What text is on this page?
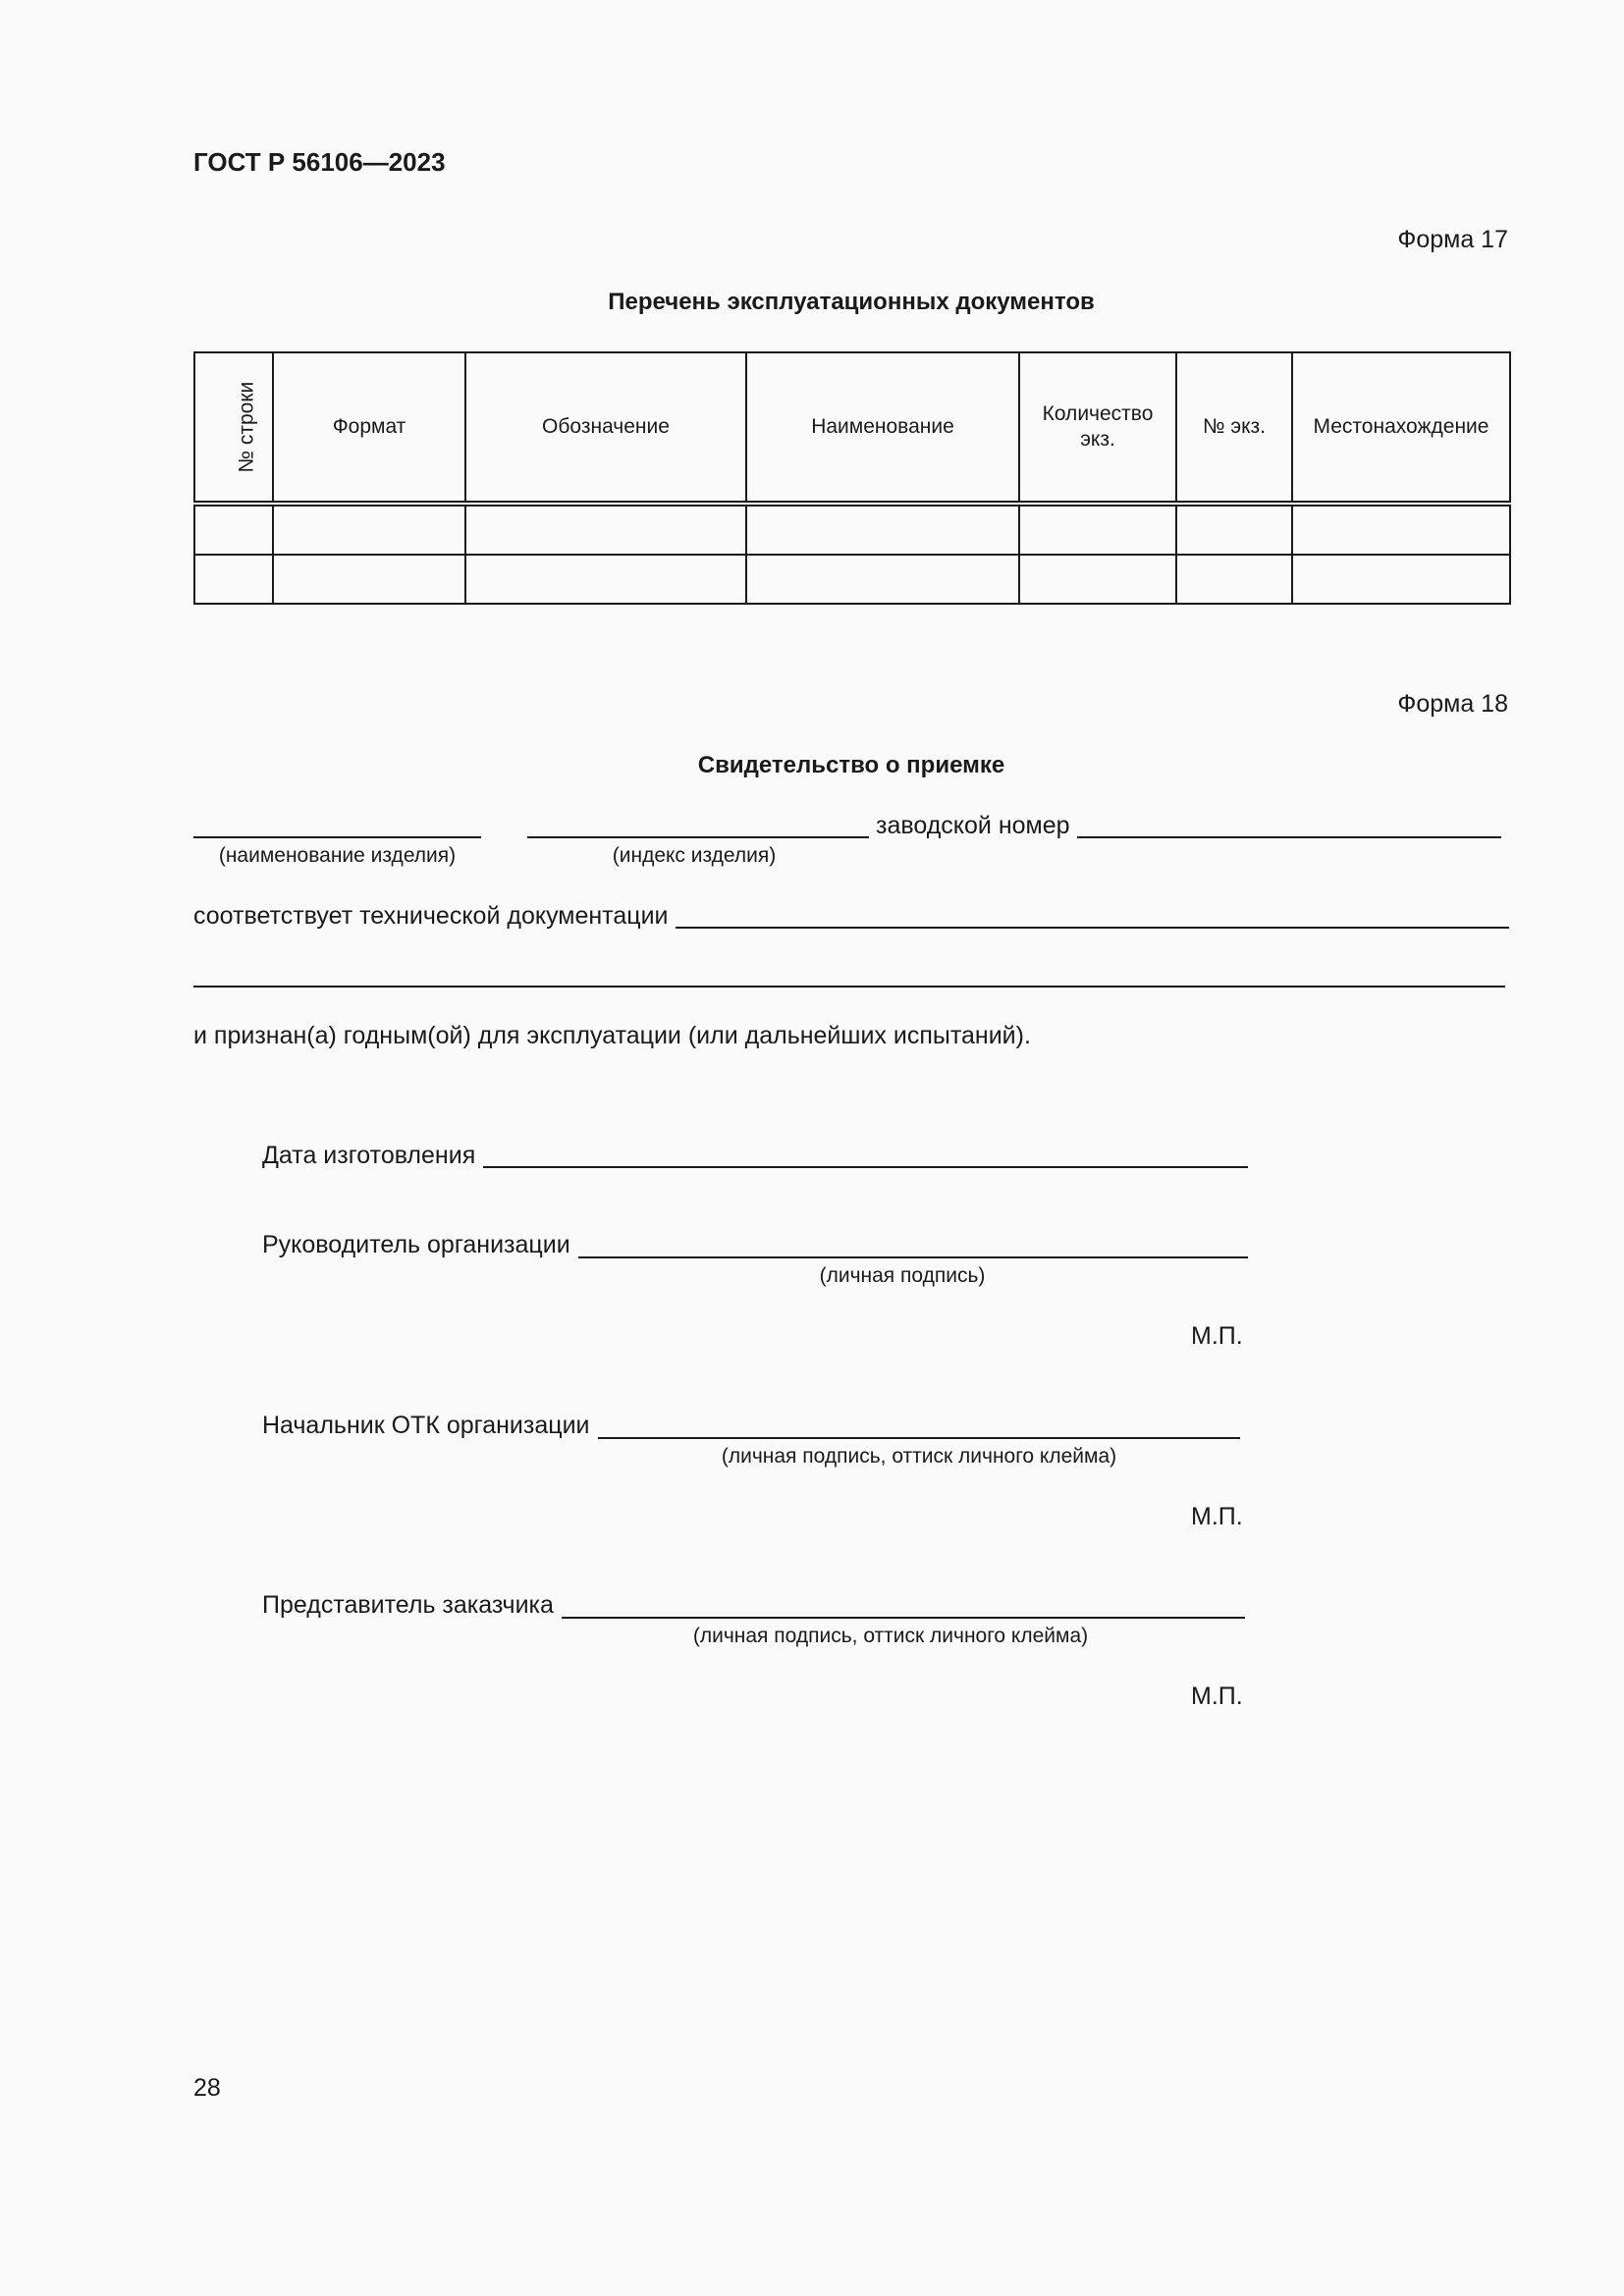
ГОСТ Р 56106—2023
Форма 17
Перечень эксплуатационных документов
№ строки	Формат	Обозначение	Наименование	Количество экз.	№ экз.	Местонахождение

Форма 18
Свидетельство о приемке
(наименование изделия)	(индекс изделия)
заводской номер
соответствует технической документации
и признан(а) годным(ой) для эксплуатации (или дальнейших испытаний).
Дата изготовления
Руководитель организации
(личная подпись)
М.П.
Начальник ОТК организации
(личная подпись, оттиск личного клейма)
М.П.
Представитель заказчика
(личная подпись, оттиск личного клейма)
М.П.
28
